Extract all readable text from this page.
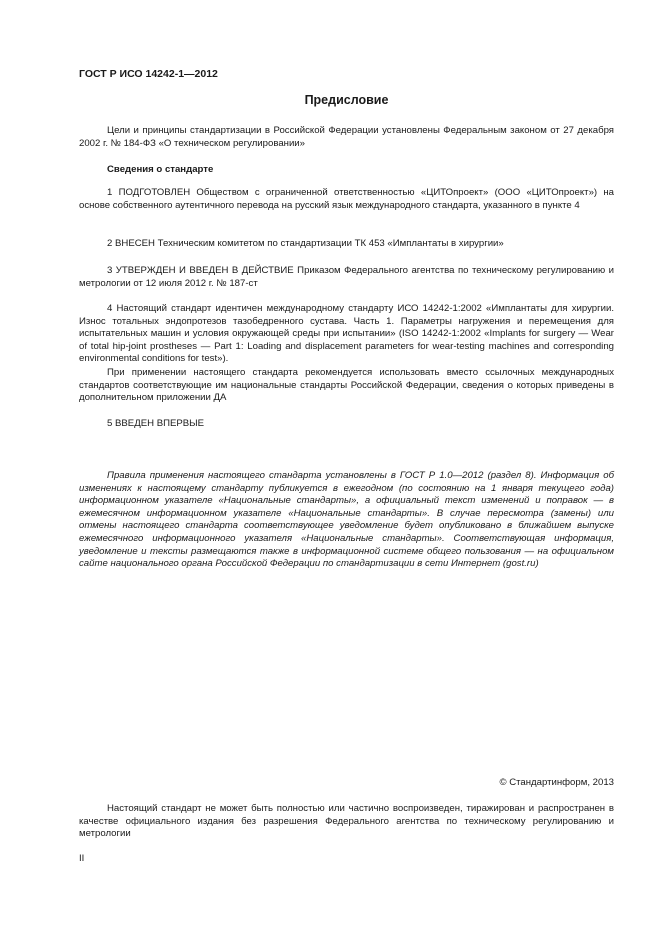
ГОСТ Р ИСО 14242-1—2012
Предисловие

Цели и принципы стандартизации в Российской Федерации установлены Федеральным законом от 27 декабря 2002 г. № 184-ФЗ «О техническом регулировании»

Сведения о стандарте

1 ПОДГОТОВЛЕН Обществом с ограниченной ответственностью «ЦИТОпроект» (ООО «ЦИТОпроект») на основе собственного аутентичного перевода на русский язык международного стандарта, указанного в пункте 4

2 ВНЕСЕН Техническим комитетом по стандартизации ТК 453 «Имплантаты в хирургии»

3 УТВЕРЖДЕН И ВВЕДЕН В ДЕЙСТВИЕ Приказом Федерального агентства по техническому регулированию и метрологии от 12 июля 2012 г. № 187-ст

4 Настоящий стандарт идентичен международному стандарту ИСО 14242-1:2002 «Имплантаты для хирургии. Износ тотальных эндопротезов тазобедренного сустава. Часть 1. Параметры нагружения и перемещения для испытательных машин и условия окружающей среды при испытании» (ISO 14242-1:2002 «Implants for surgery — Wear of total hip-joint prostheses — Part 1: Loading and displacement parameters for wear-testing machines and corresponding environmental conditions for test»).

При применении настоящего стандарта рекомендуется использовать вместо ссылочных международных стандартов соответствующие им национальные стандарты Российской Федерации, сведения о которых приведены в дополнительном приложении ДА

5 ВВЕДЕН ВПЕРВЫЕ

Правила применения настоящего стандарта установлены в ГОСТ Р 1.0—2012 (раздел 8). Информация об изменениях к настоящему стандарту публикуется в ежегодном (по состоянию на 1 января текущего года) информационном указателе «Национальные стандарты», а официальный текст изменений и поправок — в ежемесячном информационном указателе «Национальные стандарты». В случае пересмотра (замены) или отмены настоящего стандарта соответствующее уведомление будет опубликовано в ближайшем выпуске ежемесячного информационного указателя «Национальные стандарты». Соответствующая информация, уведомление и тексты размещаются также в информационной системе общего пользования — на официальном сайте национального органа Российской Федерации по стандартизации в сети Интернет (gost.ru)

© Стандартинформ, 2013

Настоящий стандарт не может быть полностью или частично воспроизведен, тиражирован и распространен в качестве официального издания без разрешения Федерального агентства по техническому регулированию и метрологии

II
